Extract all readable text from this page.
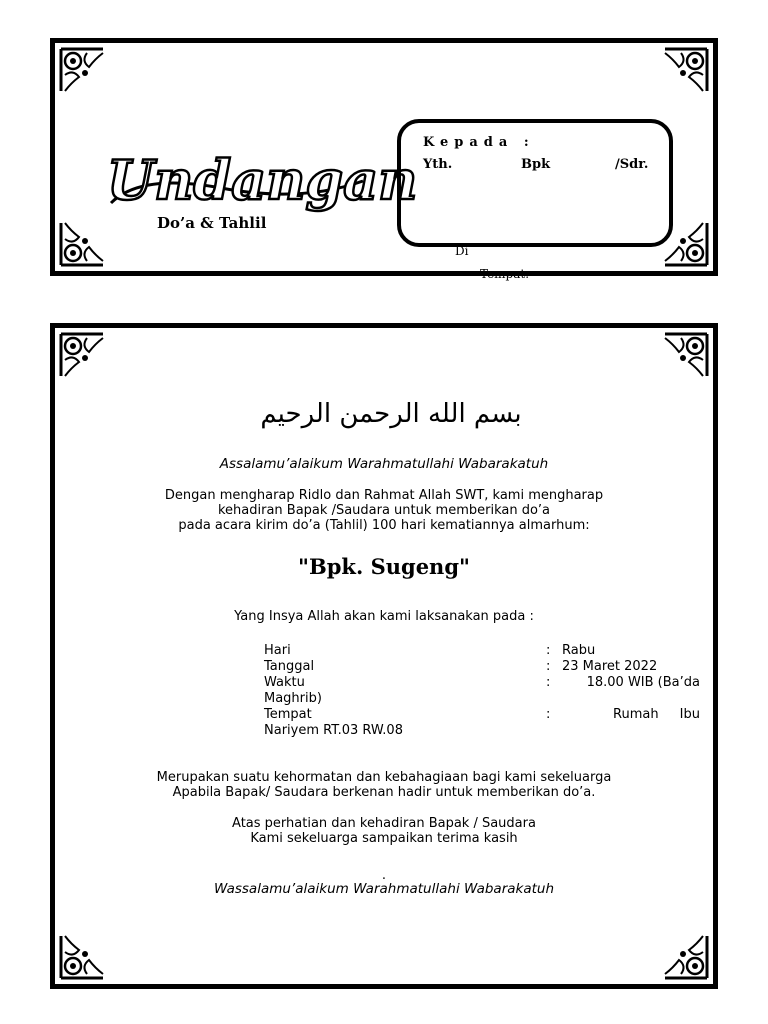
Undangan
Do’a & Tahlil
Kepada :
Yth.	Bpk	/Sdr.
Di
Tempat.
بسم الله الرحمن الرحيم
Assalamu’alaikum Warahmatullahi Wabarakatuh
Dengan mengharap Ridlo dan Rahmat Allah SWT, kami mengharap
kehadiran Bapak /Saudara untuk memberikan do’a
pada acara kirim do’a (Tahlil) 100 hari kematiannya almarhum:
"Bpk. Sugeng"
Yang Insya Allah akan kami laksanakan pada :
Hari	: Rabu
Tanggal	: 23 Maret 2022
Waktu	:	18.00 WIB (Ba’da
Maghrib)
Tempat	:	Rumah Ibu
Nariyem RT.03 RW.08
Merupakan suatu kehormatan dan kebahagiaan bagi kami sekeluarga
Apabila Bapak/ Saudara berkenan hadir untuk memberikan do’a.
Atas perhatian dan kehadiran Bapak / Saudara
Kami sekeluarga sampaikan terima kasih
.
Wassalamu’alaikum Warahmatullahi Wabarakatuh
